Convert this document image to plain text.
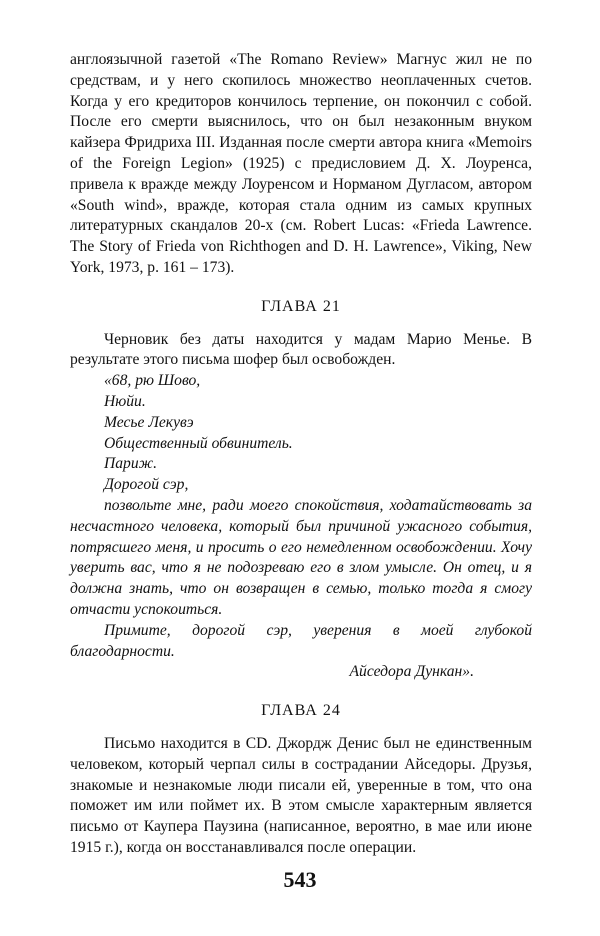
англоязычной газетой «The Romano Review» Магнус жил не по средствам, и у него скопилось множество неоплаченных счетов. Когда у его кредиторов кончилось терпение, он покончил с собой. После его смерти выяснилось, что он был незаконным внуком кайзера Фридриха III. Изданная после смерти автора книга «Memoirs of the Foreign Legion» (1925) с предисловием Д. Х. Лоуренса, привела к вражде между Лоуренсом и Норманом Дугласом, автором «South wind», вражде, которая стала одним из самых крупных литературных скандалов 20-х (см. Robert Lucas: «Frieda Lawrence. The Story of Frieda von Richthogen and D. H. Lawrence», Viking, New York, 1973, p. 161 – 173).

ГЛАВА 21

Черновик без даты находится у мадам Марио Менье. В результате этого письма шофер был освобожден.

«68, рю Шово,

Нюйи.

Месье Лекувэ

Общественный обвинитель.

Париж.

Дорогой сэр,

позвольте мне, ради моего спокойствия, ходатайствовать за несчастного человека, который был причиной ужасного события, потрясшего меня, и просить о его немедленном освобождении. Хочу уверить вас, что я не подозреваю его в злом умысле. Он отец, и я должна знать, что он возвращен в семью, только тогда я смогу отчасти успокоиться.

Примите, дорогой сэр, уверения в моей глубокой благодарности.

Айседора Дункан».

ГЛАВА 24

Письмо находится в CD. Джордж Денис был не единственным человеком, который черпал силы в сострадании Айседоры. Друзья, знакомые и незнакомые люди писали ей, уверенные в том, что она поможет им или поймет их. В этом смысле характерным является письмо от Каупера Паузина (написанное, вероятно, в мае или июне 1915 г.), когда он восстанавливался после операции.

543
